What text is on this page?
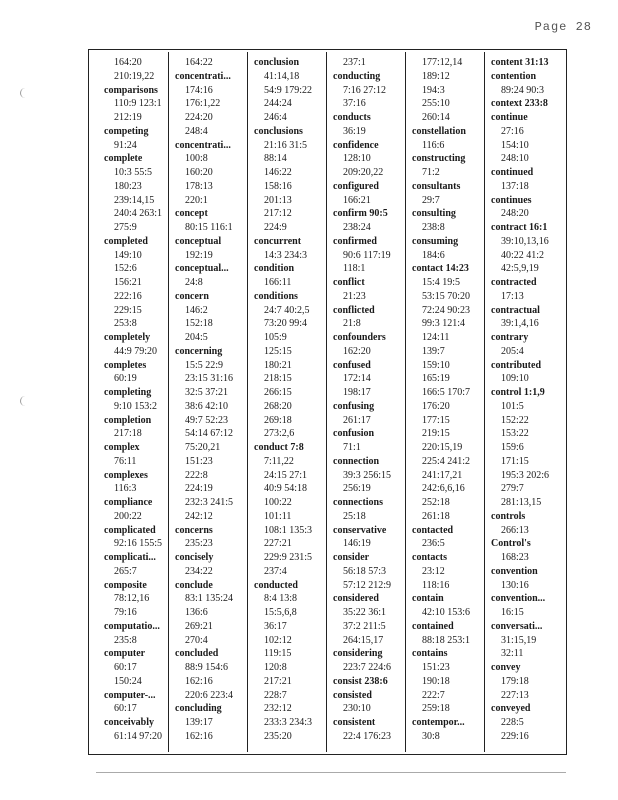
Page 28
164:20
210:19,22
comparisons
110:9 123:1
212:19
competing
91:24
complete
10:3 55:5
180:23
239:14,15
240:4 263:1
275:9
completed
149:10
152:6
156:21
222:16
229:15
253:8
completely
44:9 79:20
completes
60:19
completing
9:10 153:2
completion
217:18
complex
76:11
complexes
116:3
compliance
200:22
complicated
92:16 155:5
complicati...
265:7
composite
78:12,16
79:16
computatio...
235:8
computer
60:17
150:24
computer-...
60:17
conceivably
61:14 97:20
164:22
concentrati...
174:16
176:1,22
224:20
248:4
concentrati...
100:8
160:20
178:13
220:1
concept
80:15 116:1
conceptual
192:19
conceptual...
24:8
concern
146:2
152:18
204:5
concerning
15:5 22:9
23:15 31:16
32:5 37:21
38:6 42:10
49:7 52:23
54:14 67:12
75:20,21
151:23
222:8
224:19
232:3 241:5
242:12
concerns
235:23
concisely
234:22
conclude
83:1 135:24
136:6
269:21
270:4
concluded
88:9 154:6
162:16
220:6 223:4
concluding
139:17
162:16
conclusion
41:14,18
54:9 179:22
244:24
246:4
conclusions
21:16 31:5
88:14
146:22
158:16
201:13
217:12
224:9
concurrent
14:3 234:3
condition
166:11
conditions
24:7 40:2,5
73:20 99:4
105:9
125:15
180:21
218:15
266:15
268:20
269:18
273:2,6
conduct 7:8
7:11,22
24:15 27:1
40:9 54:18
100:22
101:11
108:1 135:3
227:21
229:9 231:5
237:4
conducted
8:4 13:8
15:5,6,8
36:17
102:12
119:15
120:8
217:21
228:7
232:12
233:3 234:3
235:20
237:1
conducting
7:16 27:12
37:16
conducts
36:19
confidence
128:10
209:20,22
configured
166:21
confirm 90:5
238:24
confirmed
90:6 117:19
118:1
conflict
21:23
conflicted
21:8
confounders
162:20
confused
172:14
198:17
confusing
261:17
confusion
71:1
connection
39:3 256:15
256:19
connections
25:18
conservative
146:19
consider
56:18 57:3
57:12 212:9
considered
35:22 36:1
37:2 211:5
264:15,17
considering
223:7 224:6
consist 238:6
consisted
230:10
consistent
22:4 176:23
177:12,14
189:12
194:3
255:10
260:14
constellation
116:6
constructing
71:2
consultants
29:7
consulting
238:8
consuming
184:6
contact 14:23
15:4 19:5
53:15 70:20
72:24 90:23
99:3 121:4
124:11
139:7
159:10
165:19
166:5 170:7
176:20
177:15
219:15
220:15,19
225:4 241:2
241:17,21
242:6,6,16
252:18
261:18
contacted
236:5
contacts
23:12
118:16
contain
42:10 153:6
contained
88:18 253:1
contains
151:23
190:18
222:7
259:18
contempor...
30:8
content 31:13
contention
89:24 90:3
context 233:8
continue
27:16
154:10
248:10
continued
137:18
continues
248:20
contract 16:1
39:10,13,16
40:22 41:2
42:5,9,19
contracted
17:13
contractual
39:1,4,16
contrary
205:4
contributed
109:10
control 1:1,9
101:5
152:22
153:22
159:6
171:15
195:3 202:6
279:7
281:13,15
controls
266:13
Control's
168:23
convention
130:16
convention...
16:15
conversati...
31:15,19
32:11
convey
179:18
227:13
conveyed
228:5
229:16
